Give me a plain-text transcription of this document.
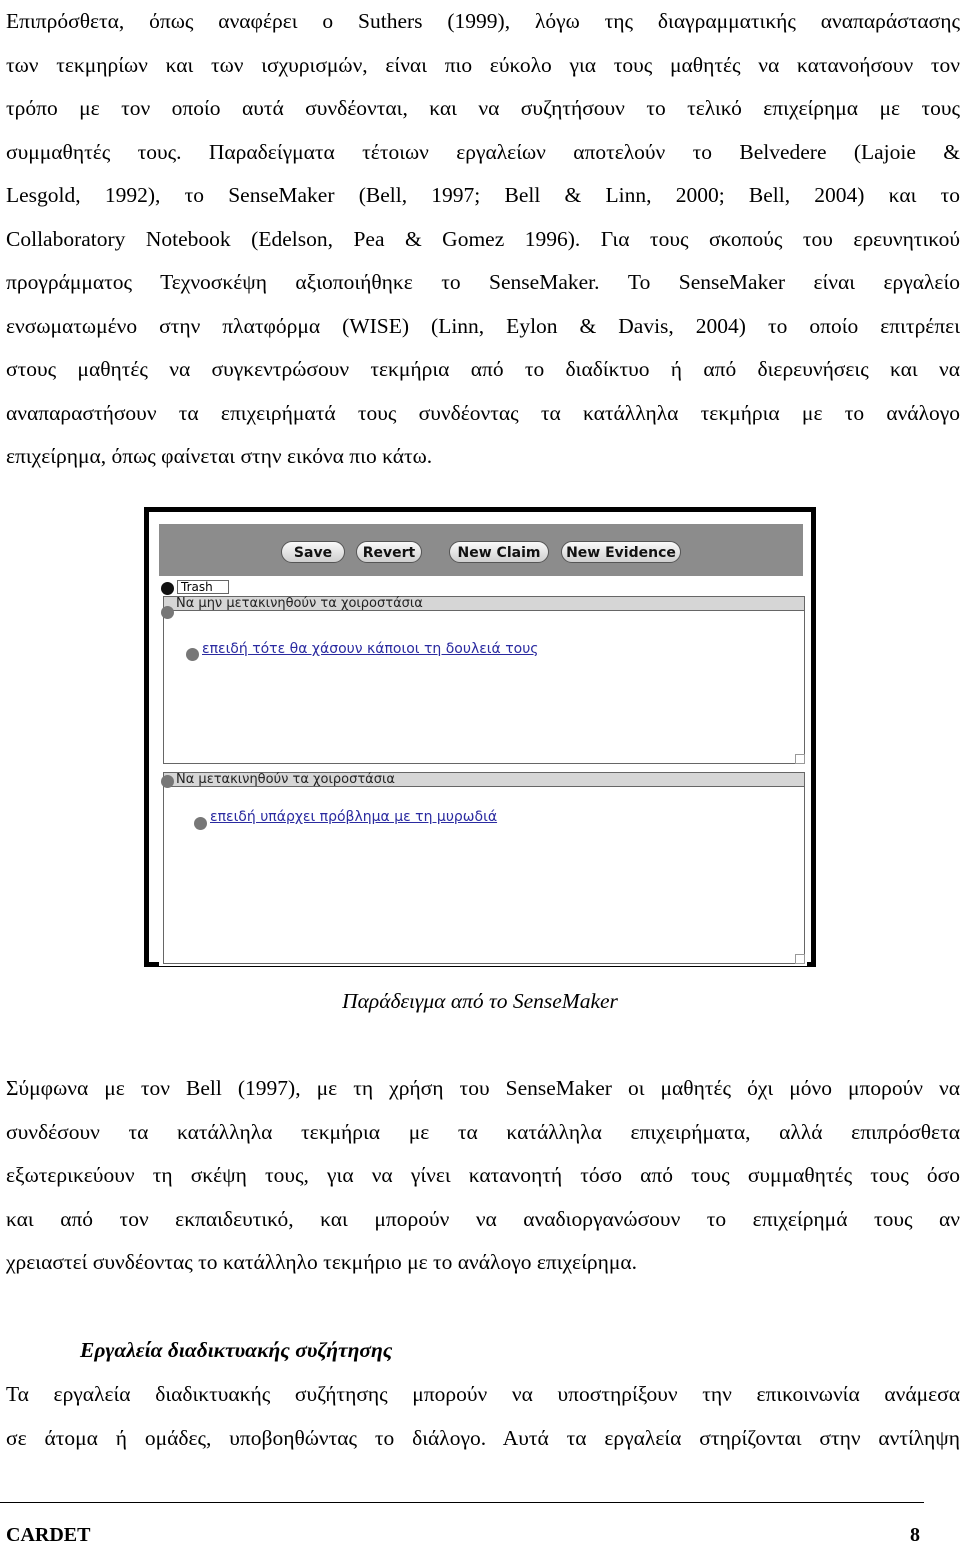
Επιπρόσθετα, όπως αναφέρει ο Suthers (1999), λόγω της διαγραμματικής αναπαράστασης
των τεκμηρίων και των ισχυρισμών, είναι πιο εύκολο για τους μαθητές να κατανοήσουν τον
τρόπο με τον οποίο αυτά συνδέονται, και να συζητήσουν το τελικό επιχείρημα με τους
συμμαθητές τους. Παραδείγματα τέτοιων εργαλείων αποτελούν το Belvedere (Lajoie &
Lesgold, 1992), το SenseMaker (Bell, 1997; Bell & Linn, 2000; Bell, 2004) και το
Collaboratory Notebook (Edelson, Pea & Gomez 1996). Για τους σκοπούς του ερευνητικού
προγράμματος Τεχνοσκέψη αξιοποιήθηκε το SenseMaker. Το SenseMaker είναι εργαλείο
ενσωματωμένο στην πλατφόρμα (WISE) (Linn, Eylon & Davis, 2004) το οποίο επιτρέπει
στους μαθητές να συγκεντρώσουν τεκμήρια από το διαδίκτυο ή από διερευνήσεις και να
αναπαραστήσουν τα επιχειρήματά τους συνδέοντας τα κατάλληλα τεκμήρια με το ανάλογο
επιχείρημα, όπως φαίνεται στην εικόνα πιο κάτω.
Save	Revert	New Claim	New Evidence
Trash
Να μην μετακινηθούν τα χοιροστάσια
επειδή τότε θα χάσουν κάποιοι τη δουλειά τους
Να μετακινηθούν τα χοιροστάσια
επειδή υπάρχει πρόβλημα με τη μυρωδιά
Παράδειγμα από το SenseMaker
Σύμφωνα με τον Bell (1997), με τη χρήση του SenseMaker οι μαθητές όχι μόνο μπορούν να
συνδέσουν τα κατάλληλα τεκμήρια με τα κατάλληλα επιχειρήματα, αλλά επιπρόσθετα
εξωτερικεύουν τη σκέψη τους, για να γίνει κατανοητή τόσο από τους συμμαθητές τους όσο
και από τον εκπαιδευτικό, και μπορούν να αναδιοργανώσουν το επιχείρημά τους αν
χρειαστεί συνδέοντας το κατάλληλο τεκμήριο με το ανάλογο επιχείρημα.
Εργαλεία διαδικτυακής συζήτησης
Τα εργαλεία διαδικτυακής συζήτησης μπορούν να υποστηρίξουν την επικοινωνία ανάμεσα
σε άτομα ή ομάδες, υποβοηθώντας το διάλογο. Αυτά τα εργαλεία στηρίζονται στην αντίληψη
CARDET	8
